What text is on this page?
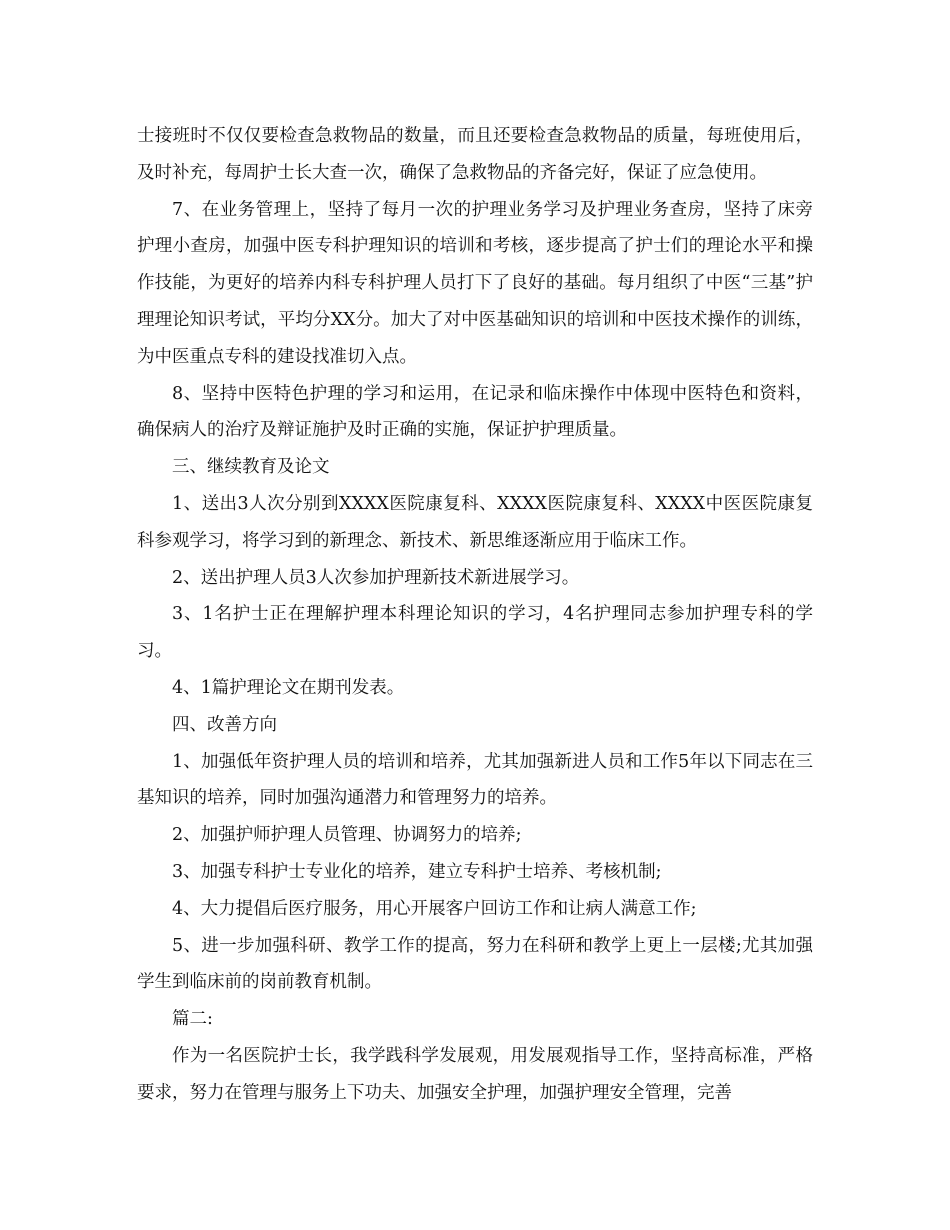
士接班时不仅仅要检查急救物品的数量，而且还要检查急救物品的质量，每班使用后，及时补充，每周护士长大查一次，确保了急救物品的齐备完好，保证了应急使用。

7、在业务管理上，坚持了每月一次的护理业务学习及护理业务查房，坚持了床旁护理小查房，加强中医专科护理知识的培训和考核，逐步提高了护士们的理论水平和操作技能，为更好的培养内科专科护理人员打下了良好的基础。每月组织了中医“三基”护理理论知识考试，平均分XX分。加大了对中医基础知识的培训和中医技术操作的训练，为中医重点专科的建设找准切入点。

8、坚持中医特色护理的学习和运用，在记录和临床操作中体现中医特色和资料，确保病人的治疗及辩证施护及时正确的实施，保证护护理质量。

三、继续教育及论文

1、送出3人次分别到XXXX医院康复科、XXXX医院康复科、XXXX中医医院康复科参观学习，将学习到的新理念、新技术、新思维逐渐应用于临床工作。

2、送出护理人员3人次参加护理新技术新进展学习。

3、1名护士正在理解护理本科理论知识的学习，4名护理同志参加护理专科的学习。

4、1篇护理论文在期刊发表。

四、改善方向

1、加强低年资护理人员的培训和培养，尤其加强新进人员和工作5年以下同志在三基知识的培养，同时加强沟通潜力和管理努力的培养。

2、加强护师护理人员管理、协调努力的培养;

3、加强专科护士专业化的培养，建立专科护士培养、考核机制;

4、大力提倡后医疗服务，用心开展客户回访工作和让病人满意工作;

5、进一步加强科研、教学工作的提高，努力在科研和教学上更上一层楼;尤其加强学生到临床前的岗前教育机制。

篇二:

作为一名医院护士长，我学践科学发展观，用发展观指导工作，坚持高标准，严格要求，努力在管理与服务上下功夫、加强安全护理，加强护理安全管理，完善
